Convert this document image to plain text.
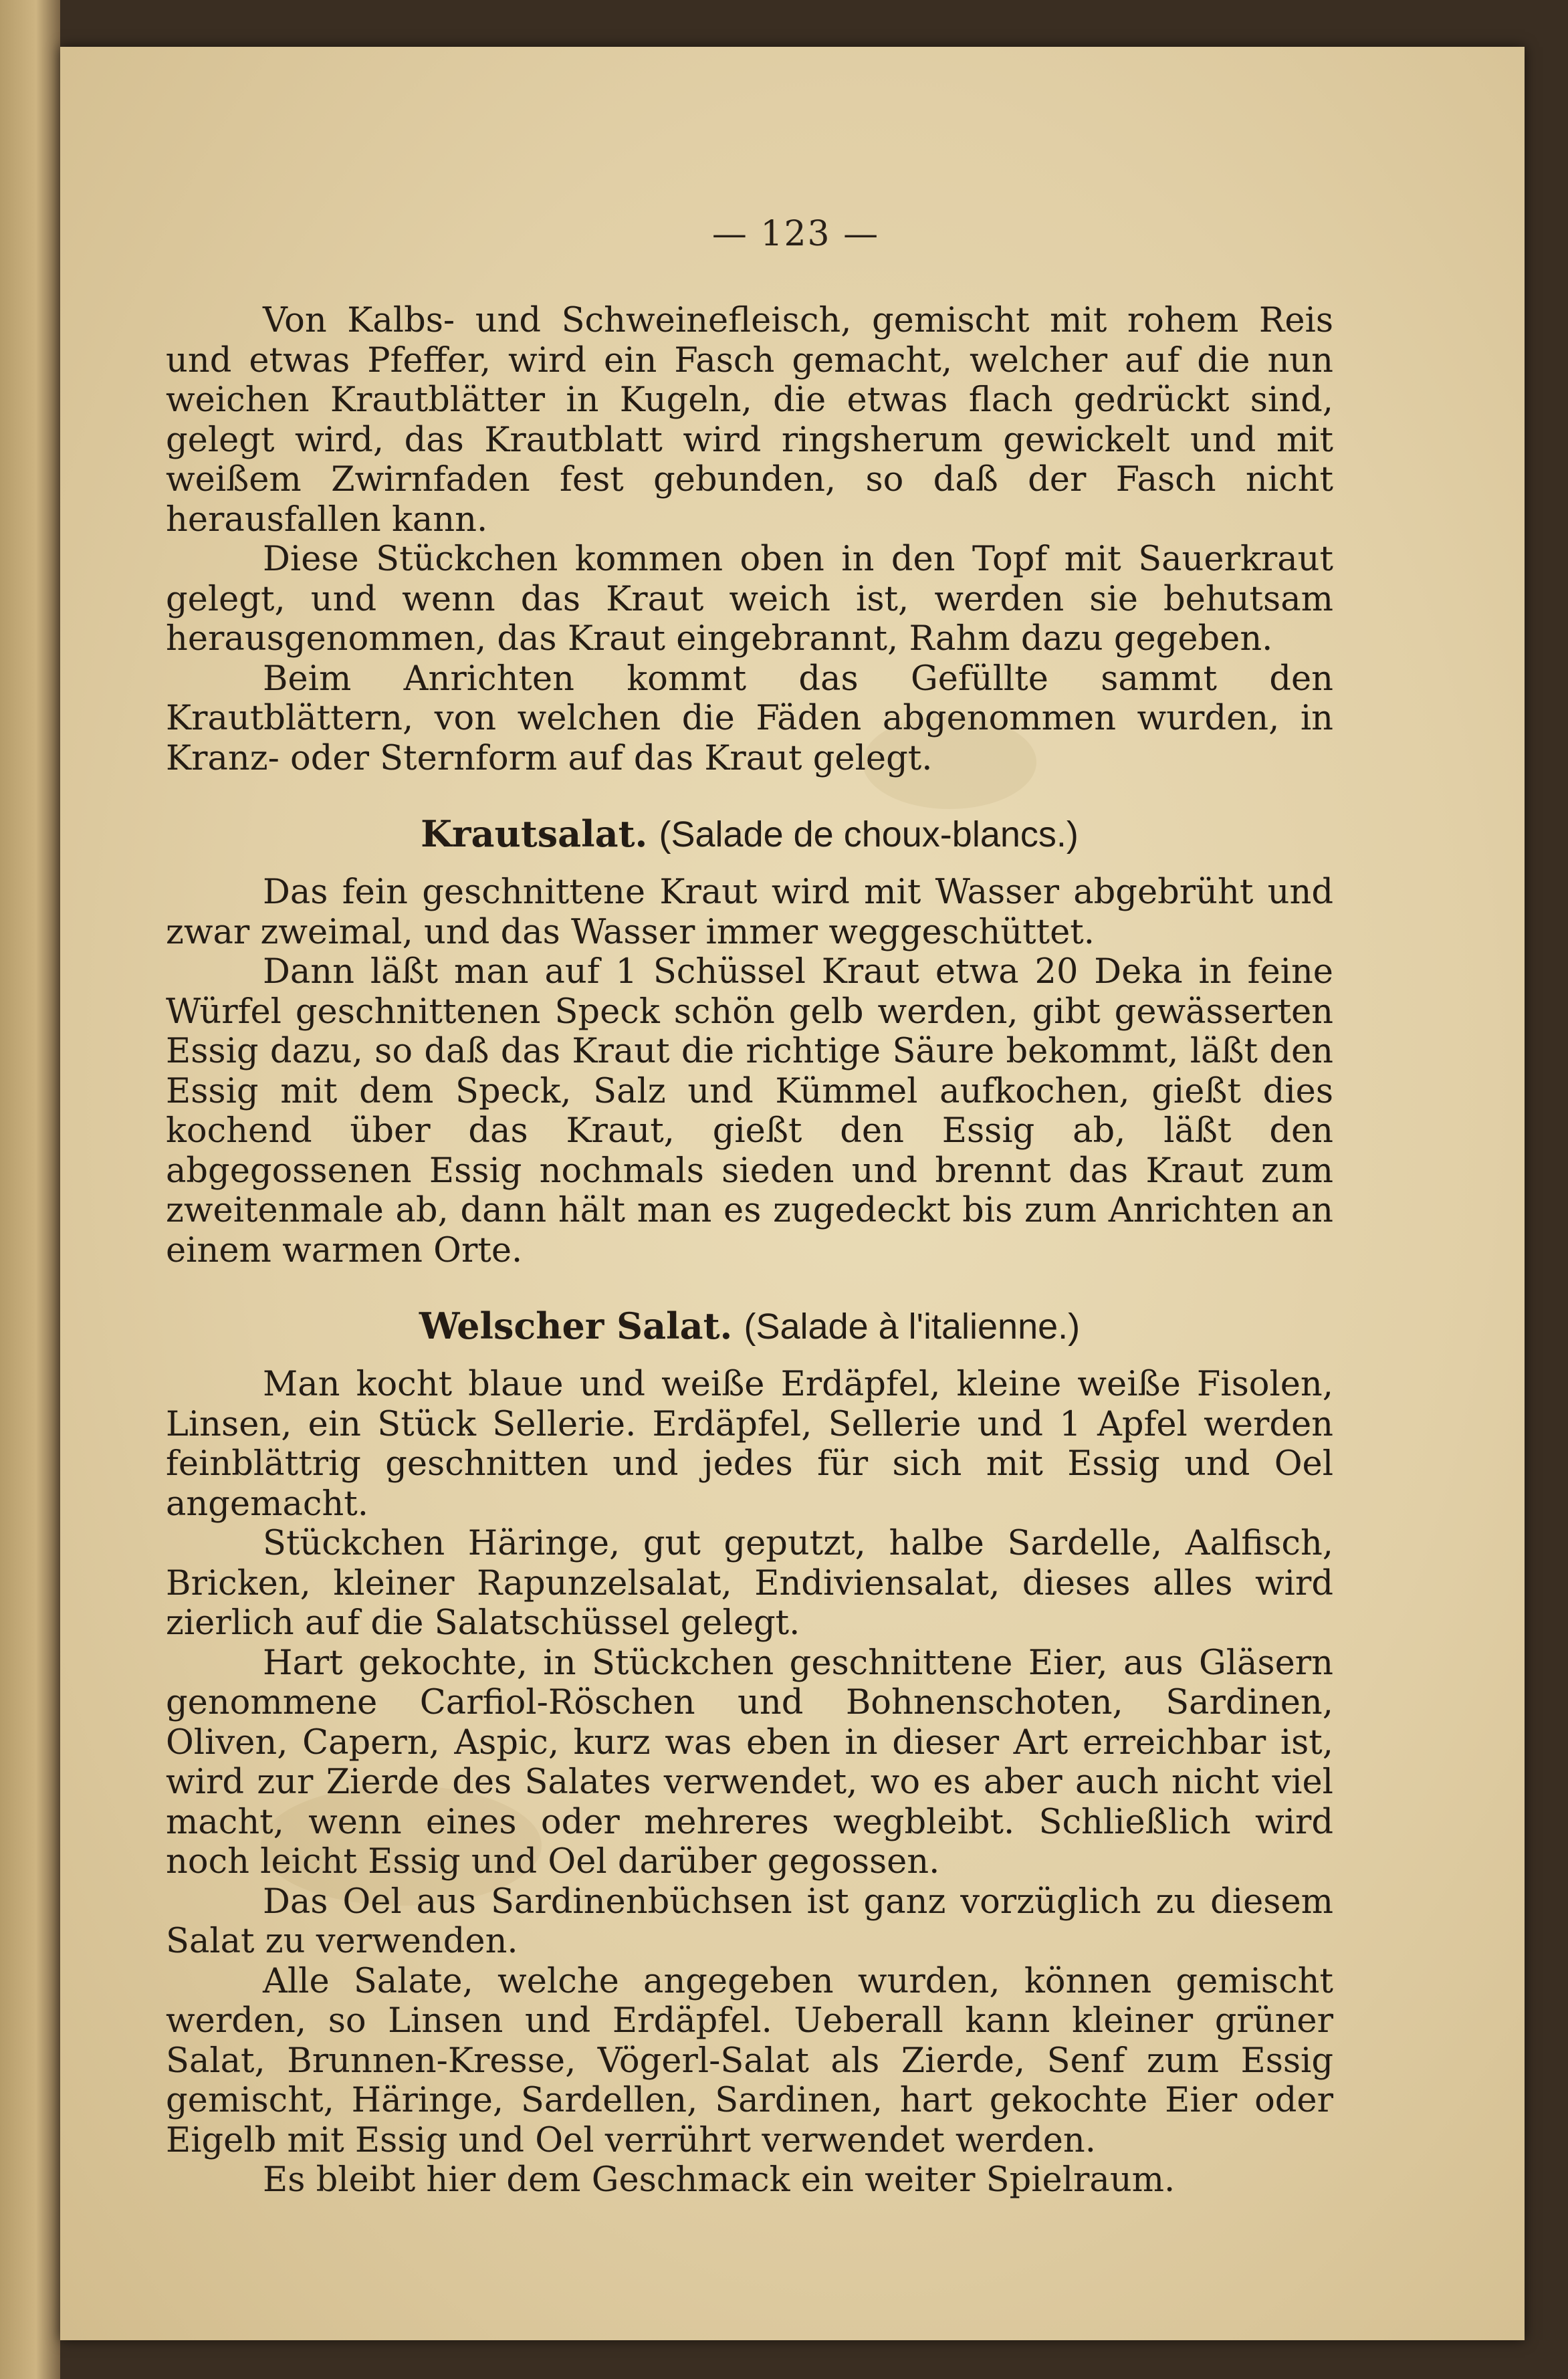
— 123 —

Von Kalbs- und Schweinefleisch, gemischt mit rohem Reis und etwas Pfeffer, wird ein Fasch gemacht, welcher auf die nun weichen Krautblätter in Kugeln, die etwas flach gedrückt sind, gelegt wird, das Krautblatt wird ringsherum gewickelt und mit weißem Zwirnfaden fest gebunden, so daß der Fasch nicht herausfallen kann.

Diese Stückchen kommen oben in den Topf mit Sauerkraut gelegt, und wenn das Kraut weich ist, werden sie behutsam herausgenommen, das Kraut eingebrannt, Rahm dazu gegeben.

Beim Anrichten kommt das Gefüllte sammt den Krautblättern, von welchen die Fäden abgenommen wurden, in Kranz- oder Sternform auf das Kraut gelegt.

Krautsalat. (Salade de choux-blancs.)

Das fein geschnittene Kraut wird mit Wasser abgebrüht und zwar zweimal, und das Wasser immer weggeschüttet.

Dann läßt man auf 1 Schüssel Kraut etwa 20 Deka in feine Würfel geschnittenen Speck schön gelb werden, gibt gewässerten Essig dazu, so daß das Kraut die richtige Säure bekommt, läßt den Essig mit dem Speck, Salz und Kümmel aufkochen, gießt dies kochend über das Kraut, gießt den Essig ab, läßt den abgegossenen Essig nochmals sieden und brennt das Kraut zum zweitenmale ab, dann hält man es zugedeckt bis zum Anrichten an einem warmen Orte.

Welscher Salat. (Salade à l'italienne.)

Man kocht blaue und weiße Erdäpfel, kleine weiße Fisolen, Linsen, ein Stück Sellerie. Erdäpfel, Sellerie und 1 Apfel werden feinblättrig geschnitten und jedes für sich mit Essig und Oel angemacht.

Stückchen Häringe, gut geputzt, halbe Sardelle, Aalfisch, Bricken, kleiner Rapunzelsalat, Endiviensalat, dieses alles wird zierlich auf die Salatschüssel gelegt.

Hart gekochte, in Stückchen geschnittene Eier, aus Gläsern genommene Carfiol-Röschen und Bohnenschoten, Sardinen, Oliven, Capern, Aspic, kurz was eben in dieser Art erreichbar ist, wird zur Zierde des Salates verwendet, wo es aber auch nicht viel macht, wenn eines oder mehreres wegbleibt. Schließlich wird noch leicht Essig und Oel darüber gegossen.

Das Oel aus Sardinenbüchsen ist ganz vorzüglich zu diesem Salat zu verwenden.

Alle Salate, welche angegeben wurden, können gemischt werden, so Linsen und Erdäpfel. Ueberall kann kleiner grüner Salat, Brunnen-Kresse, Vögerl-Salat als Zierde, Senf zum Essig gemischt, Häringe, Sardellen, Sardinen, hart gekochte Eier oder Eigelb mit Essig und Oel verrührt verwendet werden.

Es bleibt hier dem Geschmack ein weiter Spielraum.
